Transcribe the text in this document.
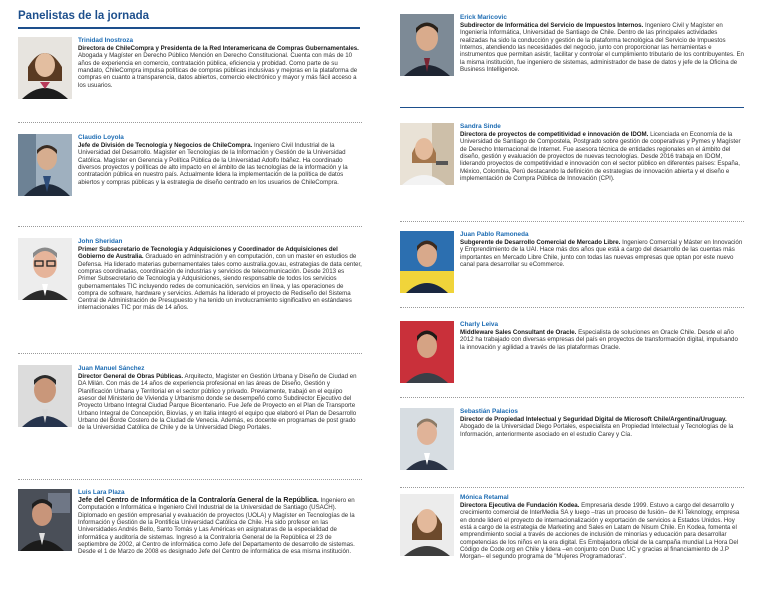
Panelistas de la jornada
Trinidad Inostroza
Directora de ChileCompra y Presidenta de la Red Interamericana de Compras Gubernamentales. Abogada y Magíster en Derecho Público Mención en Derecho Constitucional. Cuenta con más de 10 años de experiencia en comercio, contratación pública, eficiencia y probidad. Como parte de su mandato, ChileCompra impulsa políticas de compras públicas inclusivas y mejoras en la plataforma de compras en cuanto a transparencia, datos abiertos, comercio electrónico y mayor y más fácil acceso a los usuarios.
Claudio Loyola
Jefe de División de Tecnología y Negocios de ChileCompra. Ingeniero Civil Industrial de la Universidad del Desarrollo. Magister en Tecnologías de la Información y Gestión de la Universidad Católica. Magíster en Gerencia y Política Pública de la Universidad Adolfo Ibáñez. Ha coordinado diversos proyectos y políticas de alto impacto en el ámbito de las tecnologías de la información y la contratación pública en nuestro país. Actualmente lidera la implementación de la política de datos abiertos y compras públicas y la estrategia de diseño centrado en los usuarios de ChileCompra.
John Sheridan
Primer Subsecretario de Tecnología y Adquisiciones y Coordinador de Adquisiciones del Gobierno de Australia. Graduado en administración y en computación, con un master en estudios de Defensa. Ha liderado materias gubernamentales tales como australia.gov.au, estrategias de data center, compras coordinadas, coordinación de industrias y servicios de telecomunicación. Desde 2013 es Primer Subsecretario de Tecnología y Adquisiciones, siendo responsable de todos los servicios gubernamentales TIC incluyendo redes de comunicación, servicios en línea, y las operaciones de compra de software, hardware y servicios. Además ha liderado el proyecto de Rediseño del Sistema Central de Administración de Presupuesto y ha tenido un involucramiento significativo en estándares internacionales TIC por más de 14 años.
Juan Manuel Sánchez
Director General de Obras Públicas. Arquitecto, Magíster en Gestión Urbana y Diseño de Ciudad en DA Milán. Con más de 14 años de experiencia profesional en las áreas de Diseño, Gestión y Planificación Urbana y Territorial en el sector público y privado. Previamente, trabajó en el equipo asesor del Ministerio de Vivienda y Urbanismo donde se desempeñó como Subdirector Ejecutivo del Proyecto Urbano Integral Ciudad Parque Bicentenario. Fue Jefe de Proyecto en el Plan de Transporte Urbano Integral de Concepción, Biovías, y en Italia integró el equipo que elaboró el Plan de Desarrollo Urbano del Borde Costero de la Ciudad de Venecia. Además, es docente en programas de post grado de la Universidad Católica de Chile y de la Universidad Diego Portales.
Luis Lara Plaza
Jefe del Centro de Informática de la Contraloría General de la República. Ingeniero en Computación e Informática e Ingeniero Civil Industrial de la Universidad de Santiago (USACH). Diplomado en gestión empresarial y evaluación de proyectos (UOLA) y Magíster en Tecnologías de la Información y Gestión de la Pontificia Universidad Católica de Chile. Ha sido profesor en las Universidades Andrés Bello, Santo Tomás y Las Américas en asignaturas de la especialidad de informática y auditoría de sistemas. Ingresó a la Contraloría General de la República el 23 de septiembre de 2002, al Centro de informática como Jefe del Departamento de desarrollo de sistemas. Desde el 1 de Marzo de 2008 es designado Jefe del Centro de informática de esa misma institución.
Erick Maricovic
Subdirector de Informática del Servicio de Impuestos Internos. Ingeniero Civil y Magíster en Ingeniería Informática, Universidad de Santiago de Chile. Dentro de las principales actividades realizadas ha sido la conducción y gestión de la plataforma tecnológica del Servicio de Impuestos Internos, atendiendo las necesidades del negocio, junto con proporcionar las herramientas e instrumentos que permitan asistir, facilitar y controlar el cumplimiento tributario de los contribuyentes. En la misma institución, fue ingeniero de sistemas, administrador de base de datos y jefe de la Oficina de Business Intelligence.
Sandra Sinde
Directora de proyectos de competitividad e innovación de IDOM. Licenciada en Economía de la Universidad de Santiago de Compostela, Postgrado sobre gestión de cooperativas y Pymes y Magíster de Derecho Internacional de Internet. Fue asesora técnica de entidades regionales en el ámbito del diseño, gestión y evaluación de proyectos de nuevas tecnologías. Desde 2016 trabaja en IDOM, liderando proyectos de competitividad e innovación con el sector público en diferentes países: España, México, Colombia, Perú destacando la definición de estrategias de innovación abierta y el diseño e implementación de Compra Pública de Innovación (CPI).
Juan Pablo Ramoneda
Subgerente de Desarrollo Comercial de Mercado Libre. Ingeniero Comercial y Máster en Innovación y Emprendimiento de la UAI. Hace más dos años que está a cargo del desarrollo de las cuentas más importantes en Mercado Libre Chile, junto con todas las nuevas empresas que optan por este nuevo canal para desarrollar su eCommerce.
Charly Leiva
Middleware Sales Consultant de Oracle. Especialista de soluciones en Oracle Chile. Desde el año 2012 ha trabajado con diversas empresas del país en proyectos de transformación digital, impulsando la innovación y agilidad a través de las plataformas Oracle.
Sebastián Palacios
Director de Propiedad Intelectual y Seguridad Digital de Microsoft Chile/Argentina/Uruguay. Abogado de la Universidad Diego Portales, especialista en Propiedad Intelectual y Tecnologías de la Información, anteriormente asociado en el estudio Carey y Cía.
Mónica Retamal
Directora Ejecutiva de Fundación Kodea. Empresaria desde 1999. Estuvo a cargo del desarrollo y crecimiento comercial de InterMedia SA y luego –tras un proceso de fusión– de KI Teknology, empresa en donde lideró el proyecto de internacionalización y exportación de servicios a Estados Unidos. Hoy está a cargo de la estrategia de Marketing and Sales en Latam de Nisum Chile. En Kodea, fomenta el emprendimiento social a través de acciones de inclusión de minorías y educación para desarrollar competencias de los niños en la era digital. Es Embajadora oficial de la campaña mundial La Hora Del Código de Code.org en Chile y lidera –en conjunto con Duoc UC y gracias al financiamiento de J.P Morgan– el segundo programa de "Mujeres Programadoras".
